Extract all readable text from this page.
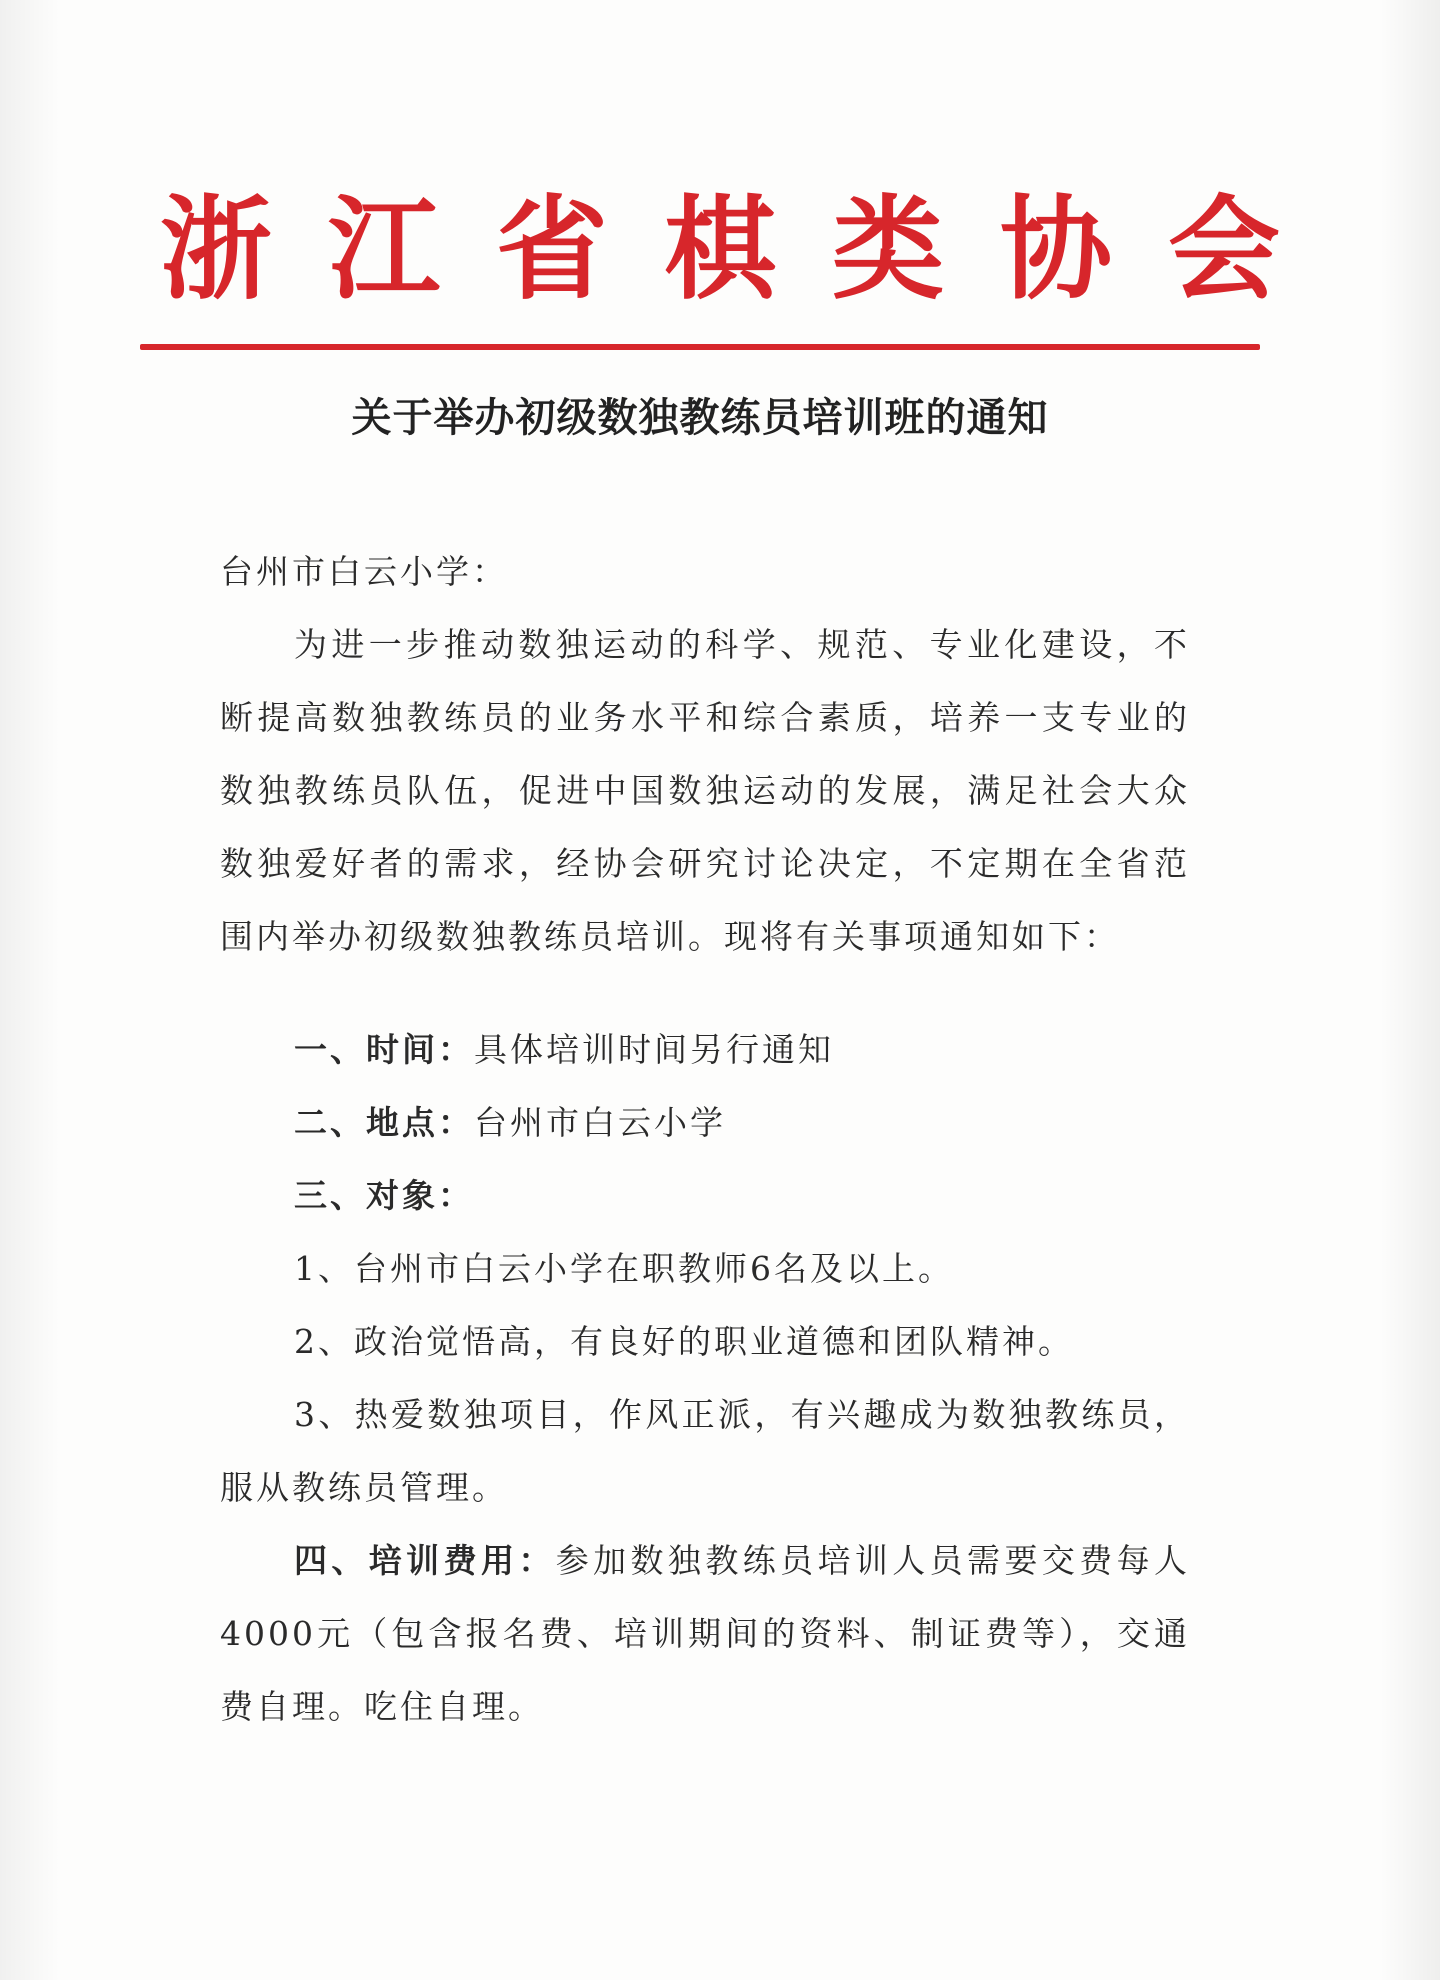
浙 江 省 棋 类 协 会
关于举办初级数独教练员培训班的通知

台州市白云小学：

为进一步推动数独运动的科学、规范、专业化建设，不断提高数独教练员的业务水平和综合素质，培养一支专业的数独教练员队伍，促进中国数独运动的发展，满足社会大众数独爱好者的需求，经协会研究讨论决定，不定期在全省范围内举办初级数独教练员培训。现将有关事项通知如下：

一、时间：具体培训时间另行通知

二、地点：台州市白云小学

三、对象：

1、台州市白云小学在职教师6名及以上。

2、政治觉悟高，有良好的职业道德和团队精神。

3、热爱数独项目，作风正派，有兴趣成为数独教练员，服从教练员管理。

四、培训费用：参加数独教练员培训人员需要交费每人4000元（包含报名费、培训期间的资料、制证费等），交通费自理。吃住自理。
